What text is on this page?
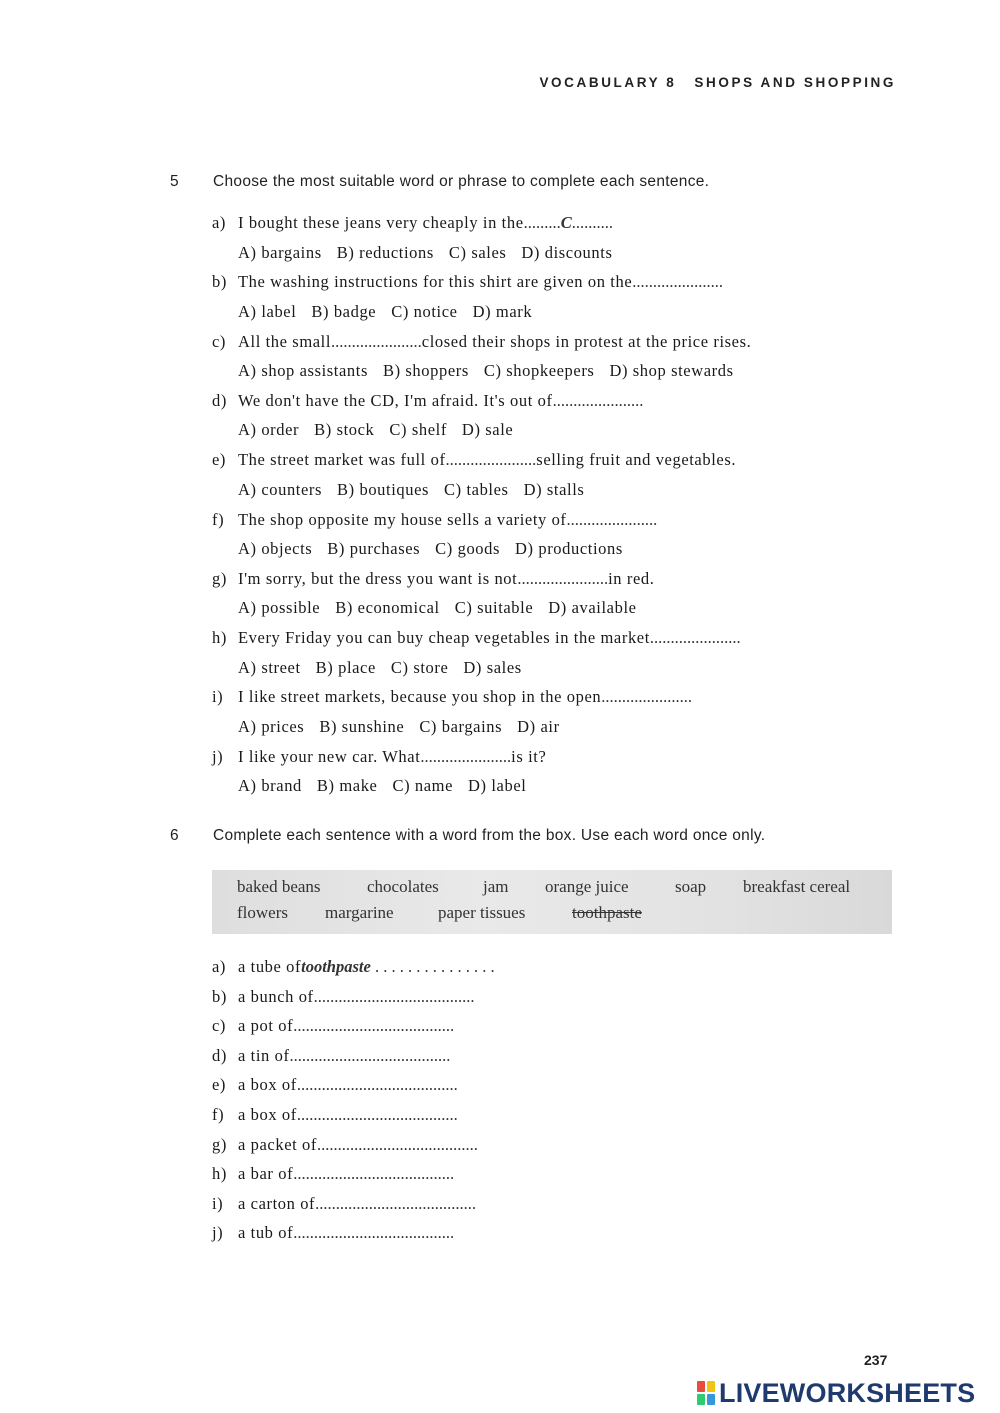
VOCABULARY 8 SHOPS AND SHOPPING
5 Choose the most suitable word or phrase to complete each sentence.
a) I bought these jeans very cheaply in the.........C..........
A) bargains B) reductions C) sales D) discounts
b) The washing instructions for this shirt are given on the......................
A) label B) badge C) notice D) mark
c) All the small......................closed their shops in protest at the price rises.
A) shop assistants B) shoppers C) shopkeepers D) shop stewards
d) We don't have the CD, I'm afraid. It's out of......................
A) order B) stock C) shelf D) sale
e) The street market was full of......................selling fruit and vegetables.
A) counters B) boutiques C) tables D) stalls
f) The shop opposite my house sells a variety of......................
A) objects B) purchases C) goods D) productions
g) I'm sorry, but the dress you want is not......................in red.
A) possible B) economical C) suitable D) available
h) Every Friday you can buy cheap vegetables in the market......................
A) street B) place C) store D) sales
i) I like street markets, because you shop in the open......................
A) prices B) sunshine C) bargains D) air
j) I like your new car. What......................is it?
A) brand B) make C) name D) label
6 Complete each sentence with a word from the box. Use each word once only.
baked beans	chocolates	jam orange juice	soap breakfast cereal
flowers margarine	paper tissues	toothpaste
a) a tube oftoothpaste . . . . . . . . . . . . . . .
b) a bunch of.......................................
c) a pot of.......................................
d) a tin of.......................................
e) a box of.......................................
f) a box of.......................................
g) a packet of.......................................
h) a bar of.......................................
i) a carton of.......................................
j) a tub of.......................................
237
LIVEWORKSHEETS
